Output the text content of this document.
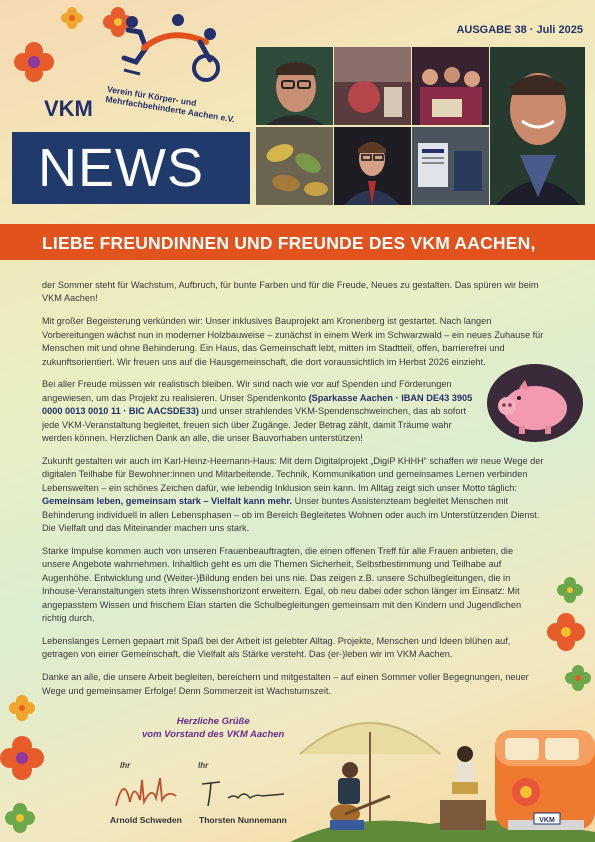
VKM
Verein für Körper- und Mehrfachbehinderte Aachen e.V.
AUSGABE 38 · Juli 2025
NEWS
LIEBE FREUNDINNEN UND FREUNDE DES VKM AACHEN,

der Sommer steht für Wachstum, Aufbruch, für bunte Farben und für die Freude, Neues zu gestalten. Das spüren wir beim VKM Aachen!

Mit großer Begeisterung verkünden wir: Unser inklusives Bauprojekt am Kronenberg ist gestartet. Nach langen Vorbereitungen wächst nun in moderner Holzbauweise – zunächst in einem Werk im Schwarzwald – ein neues Zuhause für Menschen mit und ohne Behinderung. Ein Haus, das Gemeinschaft lebt, mitten im Stadtteil, offen, barrierefrei und zukunftsorientiert. Wir freuen uns auf die Hausgemeinschaft, die dort voraussichtlich im Herbst 2026 einzieht.

Bei aller Freude müssen wir realistisch bleiben. Wir sind nach wie vor auf Spenden und Förderungen angewiesen, um das Projekt zu realisieren. Unser Spendenkonto (Sparkasse Aachen · IBAN DE43 3905 0000 0013 0010 11 · BIC AACSDE33) und unser strahlendes VKM-Spendenschweinchen, das ab sofort jede VKM-Veranstaltung begleitet, freuen sich über Zugänge. Jeder Betrag zählt, damit Träume wahr werden können. Herzlichen Dank an alle, die unser Bauvorhaben unterstützen!

Zukunft gestalten wir auch im Karl-Heinz-Heemann-Haus: Mit dem Digitalprojekt „DigiP KHHH“ schaffen wir neue Wege der digitalen Teilhabe für Bewohner:innen und Mitarbeitende. Technik, Kommunikation und gemeinsames Lernen verbinden Lebenswelten – ein schönes Zeichen dafür, wie lebendig Inklusion sein kann. Im Alltag zeigt sich unser Motto täglich: Gemeinsam leben, gemeinsam stark – Vielfalt kann mehr. Unser buntes Assistenzteam begleitet Menschen mit Behinderung individuell in allen Lebensphasen – ob im Bereich Begleitetes Wohnen oder auch im Unterstützenden Dienst. Die Vielfalt und das Miteinander machen uns stark.

Starke Impulse kommen auch von unseren Frauenbeauftragten, die einen offenen Treff für alle Frauen anbieten, die unsere Angebote wahrnehmen. Inhaltlich geht es um die Themen Sicherheit, Selbstbestimmung und Teilhabe auf Augenhöhe. Entwicklung und (Weiter-)Bildung enden bei uns nie. Das zeigen z.B. unsere Schulbegleitungen, die in Inhouse-Veranstaltungen stets ihren Wissenshorizont erweitern. Egal, ob neu dabei oder schon länger im Einsatz: Mit angepasstem Wissen und frischem Elan starten die Schulbegleitungen gemeinsam mit den Kindern und Jugendlichen richtig durch.

Lebenslanges Lernen gepaart mit Spaß bei der Arbeit ist gelebter Alltag. Projekte, Menschen und Ideen blühen auf, getragen von einer Gemeinschaft, die Vielfalt als Stärke versteht. Das (er-)leben wir im VKM Aachen.

Danke an alle, die unsere Arbeit begleiten, bereichern und mitgestalten – auf einen Sommer voller Begegnungen, neuer Wege und gemeinsamer Erfolge! Denn Sommerzeit ist Wachstumszeit.

Herzliche Grüße
vom Vorstand des VKM Aachen
Ihr	Ihr
Arnold Schweden Thorsten Nunnemann	VKM
